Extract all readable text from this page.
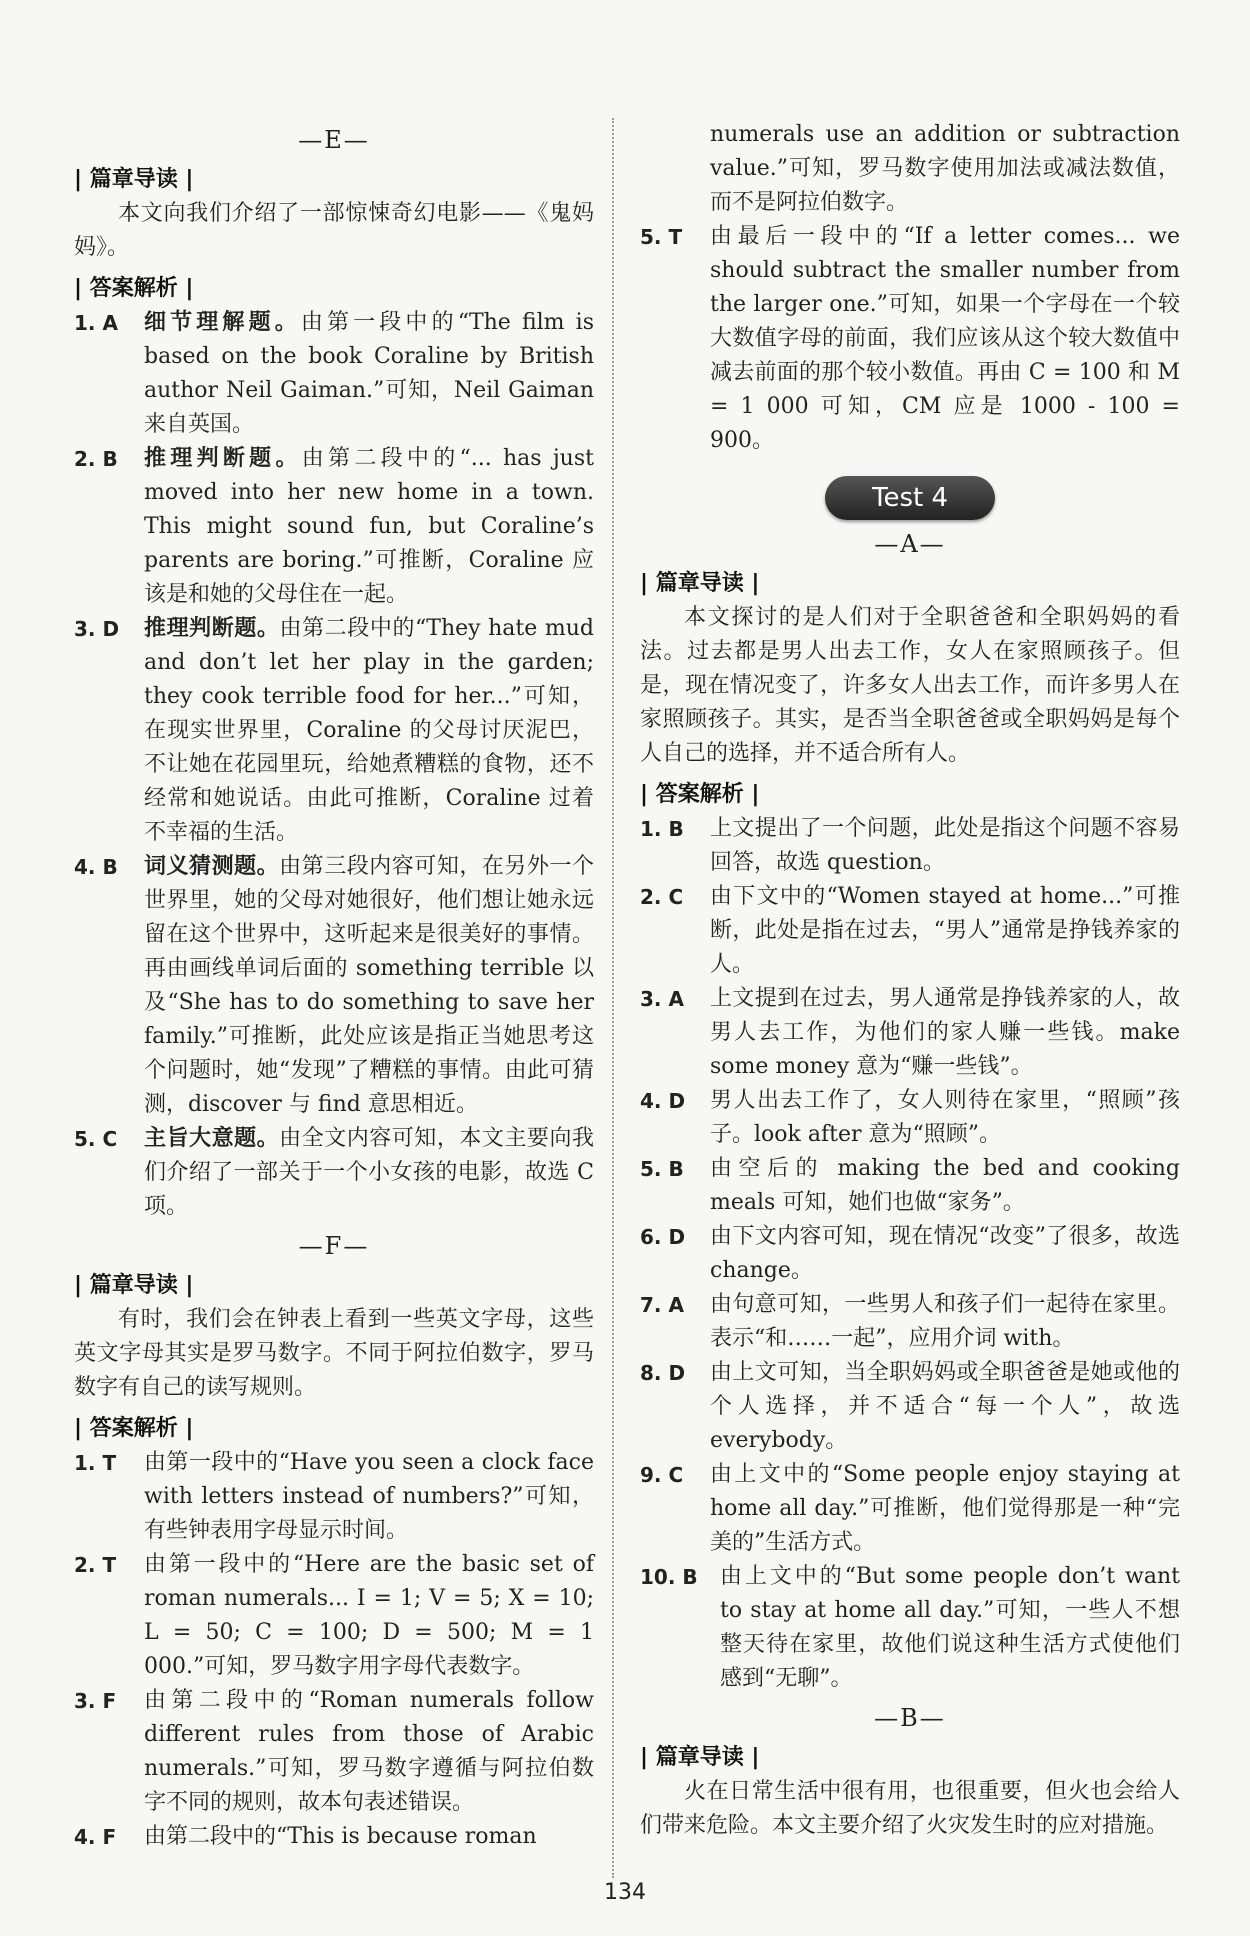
—E—
| 篇章导读 |

本文向我们介绍了一部惊悚奇幻电影——《鬼妈妈》。

| 答案解析 |
1. A	细节理解题。由第一段中的“The film is based on the book Coraline by British author Neil Gaiman.”可知，Neil Gaiman 来自英国。
2. B	推理判断题。由第二段中的“... has just moved into her new home in a town. This might sound fun, but Coraline’s parents are boring.”可推断，Coraline 应该是和她的父母住在一起。
3. D	推理判断题。由第二段中的“They hate mud and don’t let her play in the garden; they cook terrible food for her...”可知，在现实世界里，Coraline 的父母讨厌泥巴，不让她在花园里玩，给她煮糟糕的食物，还不经常和她说话。由此可推断，Coraline 过着不幸福的生活。
4. B	词义猜测题。由第三段内容可知，在另外一个世界里，她的父母对她很好，他们想让她永远留在这个世界中，这听起来是很美好的事情。再由画线单词后面的 something terrible 以及“She has to do something to save her family.”可推断，此处应该是指正当她思考这个问题时，她“发现”了糟糕的事情。由此可猜测，discover 与 find 意思相近。
5. C	主旨大意题。由全文内容可知，本文主要向我们介绍了一部关于一个小女孩的电影，故选 C 项。
—F—
| 篇章导读 |

有时，我们会在钟表上看到一些英文字母，这些英文字母其实是罗马数字。不同于阿拉伯数字，罗马数字有自己的读写规则。

| 答案解析 |
1. T	由第一段中的“Have you seen a clock face with letters instead of numbers?”可知，有些钟表用字母显示时间。
2. T	由第一段中的“Here are the basic set of roman numerals... I = 1; V = 5; X = 10; L = 50; C = 100; D = 500; M = 1 000.”可知，罗马数字用字母代表数字。
3. F	由第二段中的“Roman numerals follow different rules from those of Arabic numerals.”可知，罗马数字遵循与阿拉伯数字不同的规则，故本句表述错误。
4. F	由第二段中的“This is because roman
numerals use an addition or subtraction value.”可知，罗马数字使用加法或减法数值，而不是阿拉伯数字。
5. T	由最后一段中的“If a letter comes... we should subtract the smaller number from the larger one.”可知，如果一个字母在一个较大数值字母的前面，我们应该从这个较大数值中减去前面的那个较小数值。再由 C = 100 和 M = 1 000 可知，CM 应是 1000 - 100 = 900。
Test 4
—A—
| 篇章导读 |

本文探讨的是人们对于全职爸爸和全职妈妈的看法。过去都是男人出去工作，女人在家照顾孩子。但是，现在情况变了，许多女人出去工作，而许多男人在家照顾孩子。其实，是否当全职爸爸或全职妈妈是每个人自己的选择，并不适合所有人。

| 答案解析 |
1. B	上文提出了一个问题，此处是指这个问题不容易回答，故选 question。
2. C	由下文中的“Women stayed at home...”可推断，此处是指在过去，“男人”通常是挣钱养家的人。
3. A	上文提到在过去，男人通常是挣钱养家的人，故男人去工作，为他们的家人赚一些钱。make some money 意为“赚一些钱”。
4. D	男人出去工作了，女人则待在家里，“照顾”孩子。look after 意为“照顾”。
5. B	由空后的 making the bed and cooking meals 可知，她们也做“家务”。
6. D	由下文内容可知，现在情况“改变”了很多，故选 change。
7. A	由句意可知，一些男人和孩子们一起待在家里。表示“和……一起”，应用介词 with。
8. D	由上文可知，当全职妈妈或全职爸爸是她或他的个人选择，并不适合“每一个人”，故选 everybody。
9. C	由上文中的“Some people enjoy staying at home all day.”可推断，他们觉得那是一种“完美的”生活方式。
10. B	由上文中的“But some people don’t want to stay at home all day.”可知，一些人不想整天待在家里，故他们说这种生活方式使他们感到“无聊”。
—B—
| 篇章导读 |

火在日常生活中很有用，也很重要，但火也会给人们带来危险。本文主要介绍了火灾发生时的应对措施。

134
